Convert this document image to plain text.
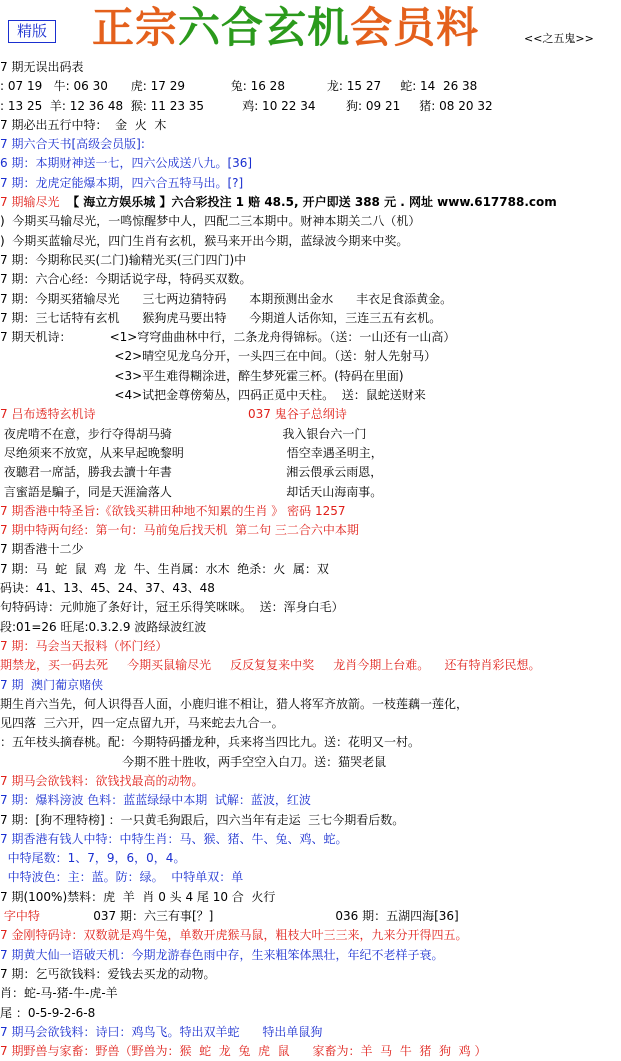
精版 正宗六合玄机会员料	<<之五鬼>>
7 期无误出码表
: 07 19   牛: 06 30      虎: 17 29            兔: 16 28           龙: 15 27     蛇: 14  26 38
: 13 25  羊: 12 36 48  猴: 11 23 35          鸡: 10 22 34        狗: 09 21     猪: 08 20 32
7 期必出五行中特：  金  火  木
7 期六合天书[高级会员版]:
6 期：本期财神送一七，四六公成送八九。[36]
7 期：龙虎定能爆本期，四六合五特马出。[?]
7 期输尽光  【 海立方娱乐城 】六合彩投注 1 赔 48.5, 开户即送 388 元 . 网址 www.617788.com
)  今期买马输尽光，一鸣惊醒梦中人，四配二三本期中。财神本期关二八（机）
)  今期买蓝输尽光，四门生肖有玄机，猴马来开出今期，蓝绿波今期来中奖。
7 期：今期称民买(二门)输精光买(三门四门)中
7 期：六合心经：今期话说字母，特码买双数。
7 期：今期买猪输尽光      三七两边猜特码      本期预测出金水      丰衣足食添黄金。
7 期：三七话特有玄机      猴狗虎马要出特      今期道人话你知，三连三五有玄机。
7 期天机诗：          <1>穹穹曲曲林中行，二条龙舟得锦标。（送：一山还有一山高）
<2>晴空见龙乌分开，一头四三在中间。（送：射人先射马）
<3>平生难得糊涂进，醉生梦死霍三杯。(特码在里面)
<4>试把金尊傍菊丛，四码正觅中天柱。  送：鼠蛇送财来
7 吕布透特玄机诗                                        037 鬼谷子总纲诗
夜虎啃不在意，步行夺得胡马骑                             我入银台六一门
尽绝须来不放宽，从来早起晚黎明                           悟空幸遇圣明主，
夜聽君一席話，勝我去讀十年書                              湘云偎承云雨恩，
言蜜語是騙子，同是天涯淪落人                              却话天山海南事。
7 期香港中特圣旨:《欲钱买耕田种地不知累的生肖 》 密码 1257
7 期中特两句经：第一句：马前兔后找天机  第二句 三二合六中本期
7 期香港十二少
7 期：马  蛇  鼠  鸡  龙  牛、生肖属：水木  绝杀：火  属：双
码诀：41、13、45、24、37、43、48
句特码诗：元帅施了条好计，冠王乐得笑咪咪。  送：浑身白毛）
段:01=26 旺尾:0.3.2.9 波路绿波红波
7 期：马会当天报料（怀门经）
期禁龙，买一码去死     今期买鼠输尽光     反反复复来中奖     龙肖今期上台难。    还有特肖彩民想。
7 期  澳门葡京赌侠
期生肖六当先，何人识得吾人面，小鹿归谁不相让，猎人将军齐放箭。一枝莲藕一莲化，
见四落  三六开，四一定点留九开，马来蛇去九合一。
：五年枝头摘春桃。配：今期特码播龙种，兵来将当四比九。送：花明又一村。
今期不胜十胜收，两手空空入白刀。送：猫哭老鼠
7 期马会欲钱料：欲钱找最高的动物。
7 期：爆料滂波 色料：蓝蓝绿绿中本期  试解：蓝波，红波
7 期：[狗不理特榜] ：一只黄毛狗跟后，四六当年有走运  三七今期看后数。
7 期香港有钱人中特：中特生肖：马、猴、猪、牛、兔、鸡、蛇。
中特尾数：1、7，9，6，0，4。
中特波色：主：蓝。防：绿。  中特单双：单
7 期(100%)禁料：虎  羊  肖 0 头 4 尾 10 合  火行
字中特              037 期：六三有事[？]                                036 期：五湖四海[36]
7 金刚特码诗：双数就是鸡牛兔，单数开虎猴马鼠，粗枝大叶三三来，九来分开得四五。
7 期黄大仙一语破天机：今期龙游春色雨中存，生来粗笨体黑壮，年纪不老样子衰。
7 期：乞丐欲钱料：爱钱去买龙的动物。
肖：蛇-马-猪-牛-虎-羊
尾 ：0-5-9-2-6-8
7 期马会欲钱料：诗曰：鸡鸟飞。特出双羊蛇      特出单鼠狗
7 期野兽与家畜：野兽（野兽为：猴  蛇  龙  兔  虎  鼠      家畜为：羊  马  牛  猪  狗  鸡 ）
